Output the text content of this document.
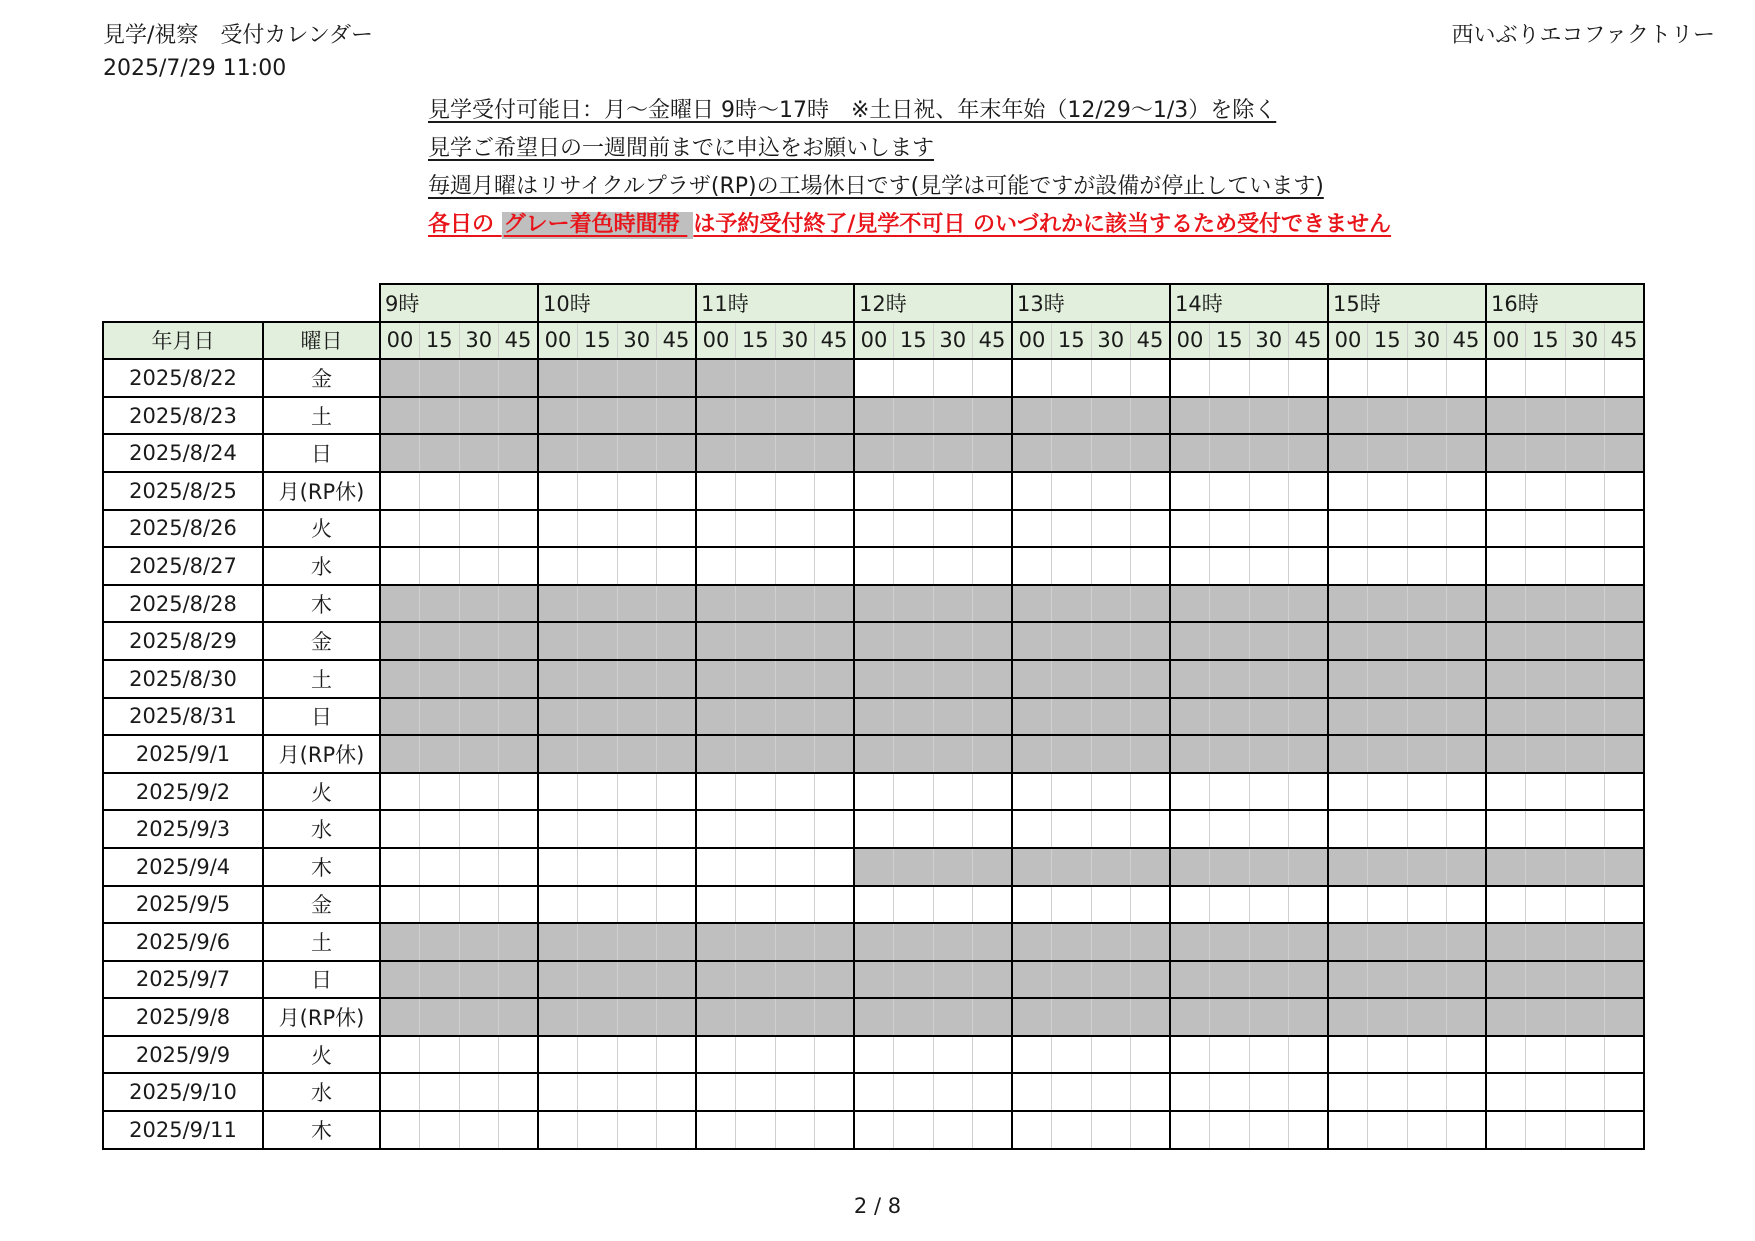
見学/視察　受付カレンダー	西いぶりエコファクトリー
2025/7/29 11:00
見学受付可能日：月～金曜日 9時～17時　※土日祝、年末年始（12/29～1/3）を除く
見学ご希望日の一週間前までに申込をお願いします
毎週月曜はリサイクルプラザ(RP)の工場休日です(見学は可能ですが設備が停止しています)
各日の グレー着色時間帯 は予約受付終了/見学不可日 のいづれかに該当するため受付できません
		9時				10時				11時				12時				13時				14時				15時				16時			
年月日	曜日	00	15	30	45	00	15	30	45	00	15	30	45	00	15	30	45	00	15	30	45	00	15	30	45	00	15	30	45	00	15	30	45
2025/8/22	金																																
2025/8/23	土																																
2025/8/24	日																																
2025/8/25	月(RP休)																																
2025/8/26	火																																
2025/8/27	水																																
2025/8/28	木																																
2025/8/29	金																																
2025/8/30	土																																
2025/8/31	日																																
2025/9/1	月(RP休)																																
2025/9/2	火																																
2025/9/3	水																																
2025/9/4	木																																
2025/9/5	金																																
2025/9/6	土																																
2025/9/7	日																																
2025/9/8	月(RP休)																																
2025/9/9	火																																
2025/9/10	水																																
2025/9/11	木																																
2 / 8
